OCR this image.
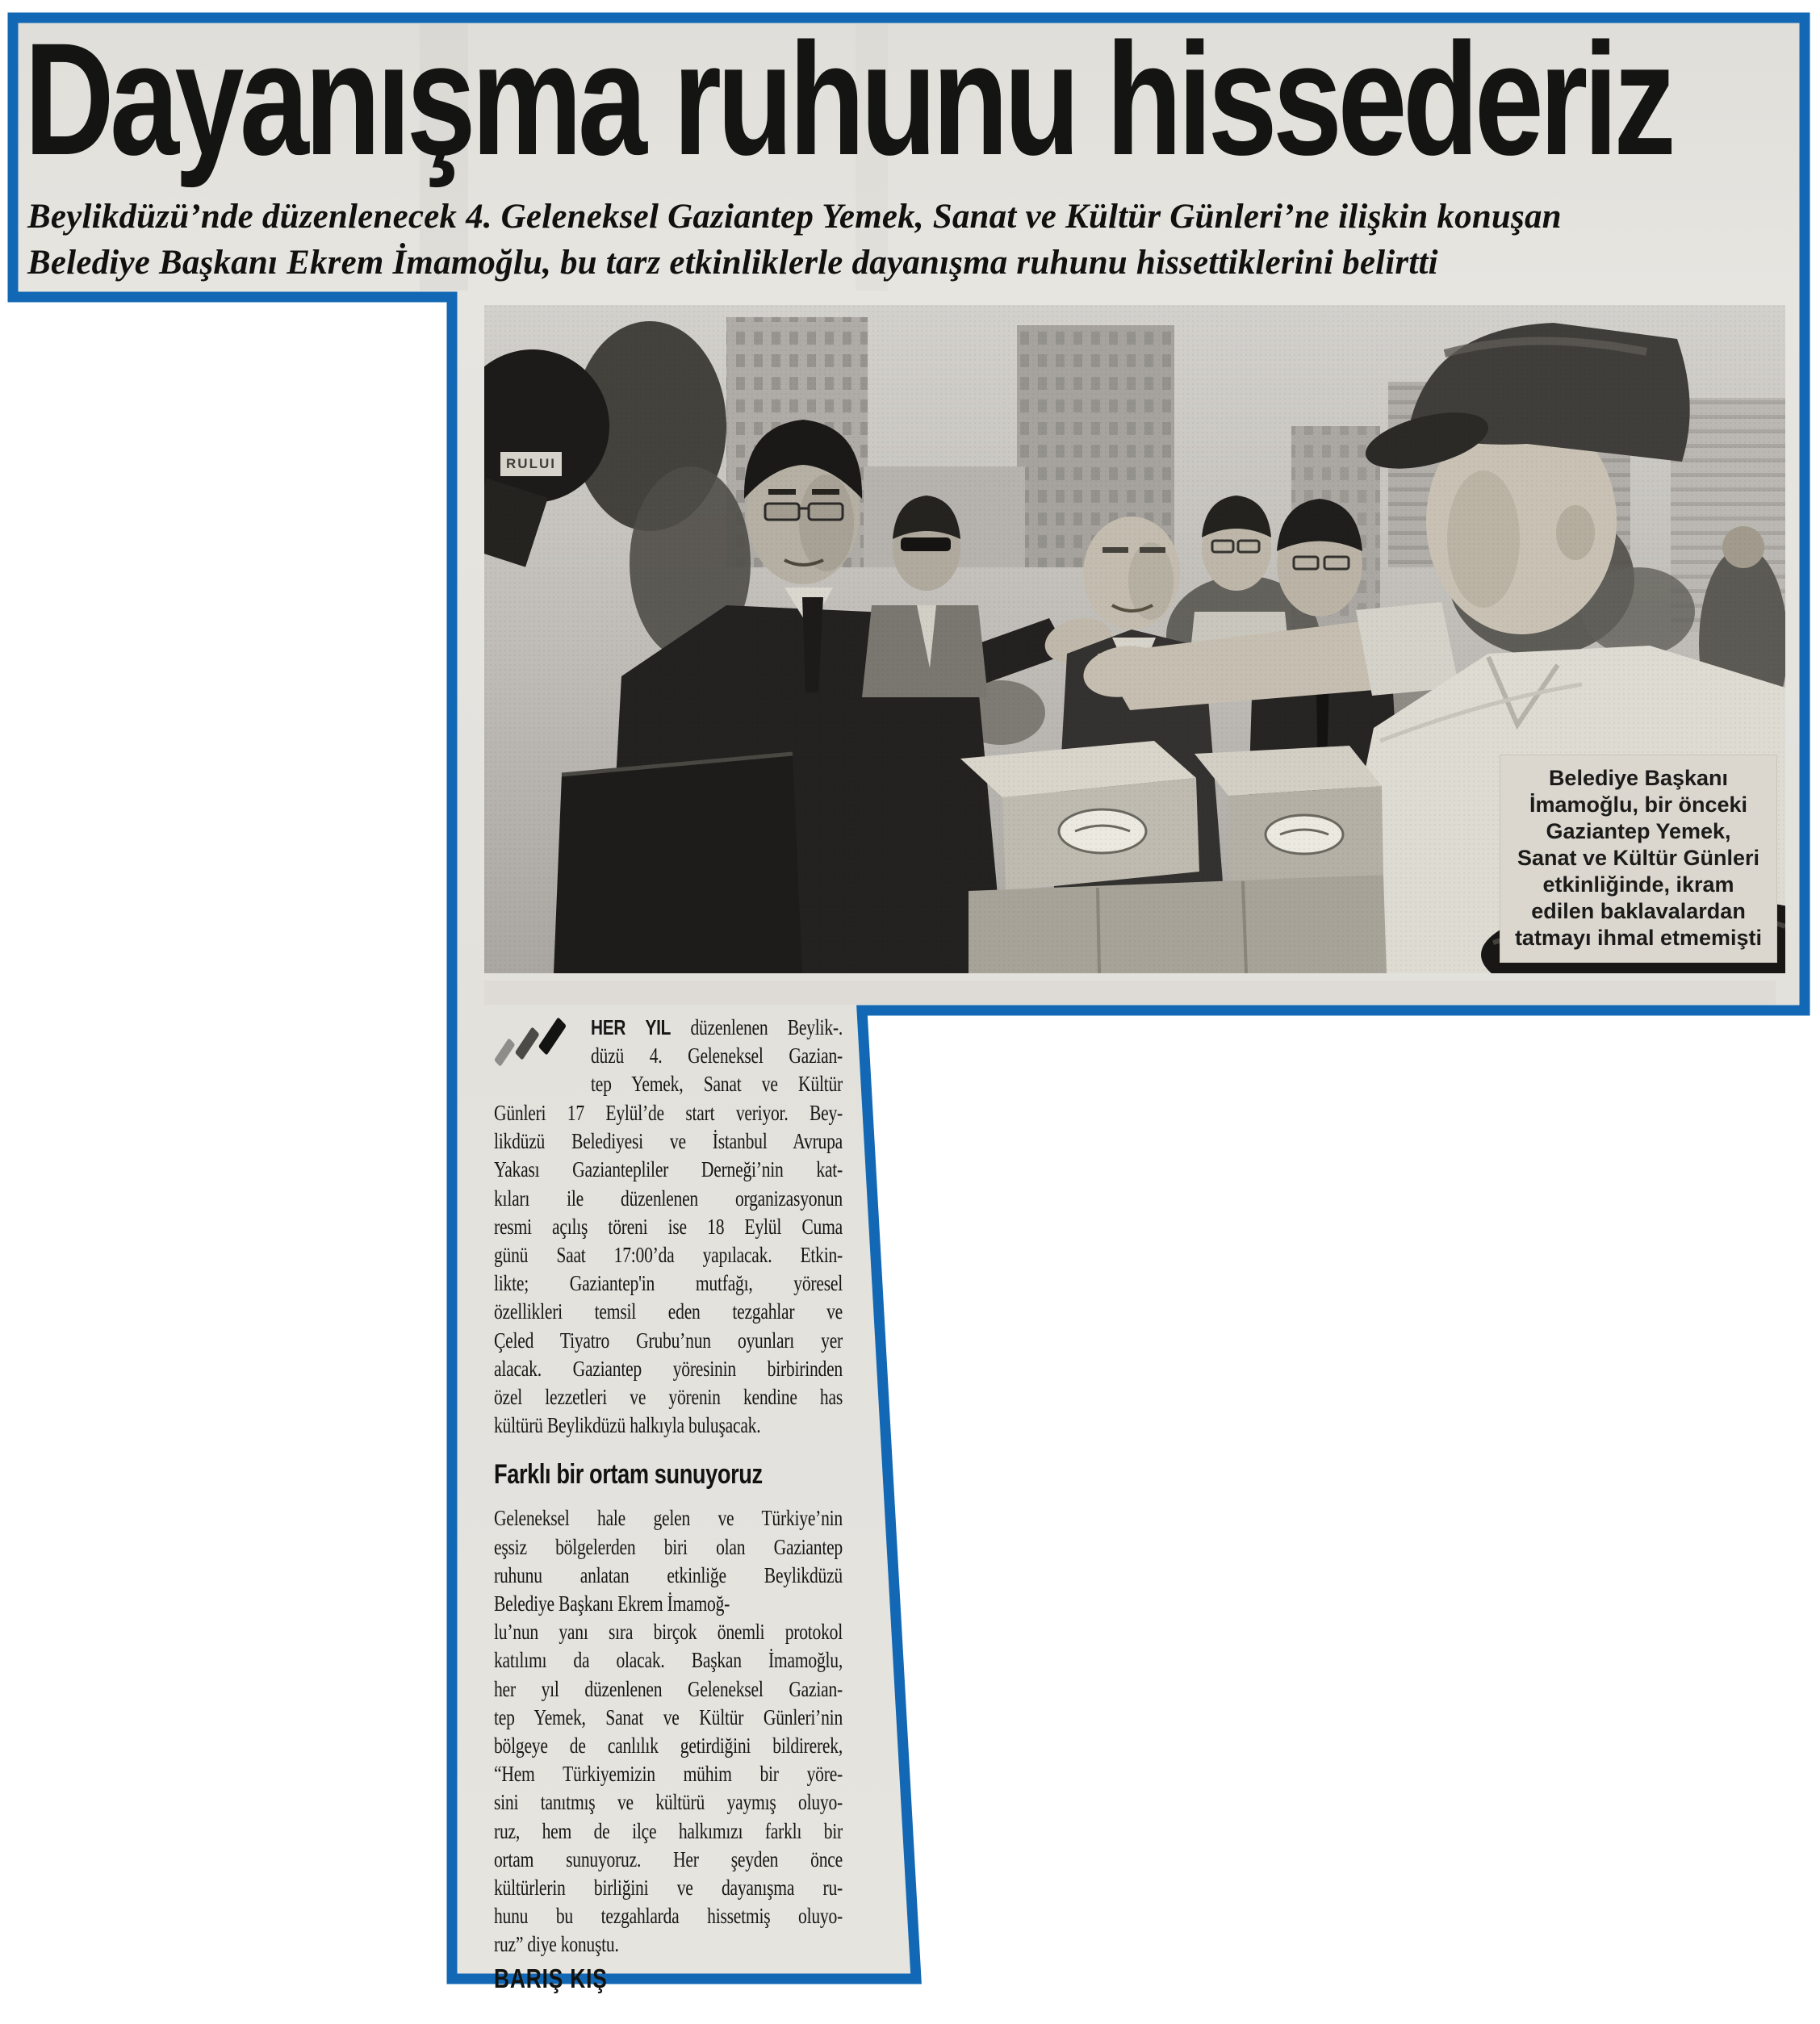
Dayanışma ruhunu hissederiz
Beylikdüzü’nde düzenlenecek 4. Geleneksel Gaziantep Yemek, Sanat ve Kültür Günleri’ne ilişkin konuşan
Belediye Başkanı Ekrem İmamoğlu, bu tarz etkinliklerle dayanışma ruhunu hissettiklerini belirtti
RULUI
Belediye Başkanı
İmamoğlu, bir önceki
Gaziantep Yemek,
Sanat ve Kültür Günleri
etkinliğinde, ikram
edilen baklavalardan
tatmayı ihmal etmemişti
HER YIL düzenlenen Beylik-.
düzü 4. Geleneksel Gazian-
tep Yemek, Sanat ve Kültür
Günleri 17 Eylül’de start veriyor. Bey-
likdüzü Belediyesi ve İstanbul Avrupa
Yakası Gaziantepliler Derneği’nin kat-
kıları ile düzenlenen organizasyonun
resmi açılış töreni ise 18 Eylül Cuma
günü Saat 17:00’da yapılacak. Etkin-
likte; Gaziantep'in mutfağı, yöresel
özellikleri temsil eden tezgahlar ve
Çeled Tiyatro Grubu’nun oyunları yer
alacak. Gaziantep yöresinin birbirinden
özel lezzetleri ve yörenin kendine has
kültürü Beylikdüzü halkıyla buluşacak.
Farklı bir ortam sunuyoruz
Geleneksel hale gelen ve Türkiye’nin
eşsiz bölgelerden biri olan Gaziantep
ruhunu anlatan etkinliğe Beylikdüzü
Belediye Başkanı Ekrem İmamoğ-
lu’nun yanı sıra birçok önemli protokol
katılımı da olacak. Başkan İmamoğlu,
her yıl düzenlenen Geleneksel Gazian-
tep Yemek, Sanat ve Kültür Günleri’nin
bölgeye de canlılık getirdiğini bildirerek,
“Hem Türkiyemizin mühim bir yöre-
sini tanıtmış ve kültürü yaymış oluyo-
ruz, hem de ilçe halkımızı farklı bir
ortam sunuyoruz. Her şeyden önce
kültürlerin birliğini ve dayanışma ru-
hunu bu tezgahlarda hissetmiş oluyo-
ruz” diye konuştu.
BARIŞ KIŞ
